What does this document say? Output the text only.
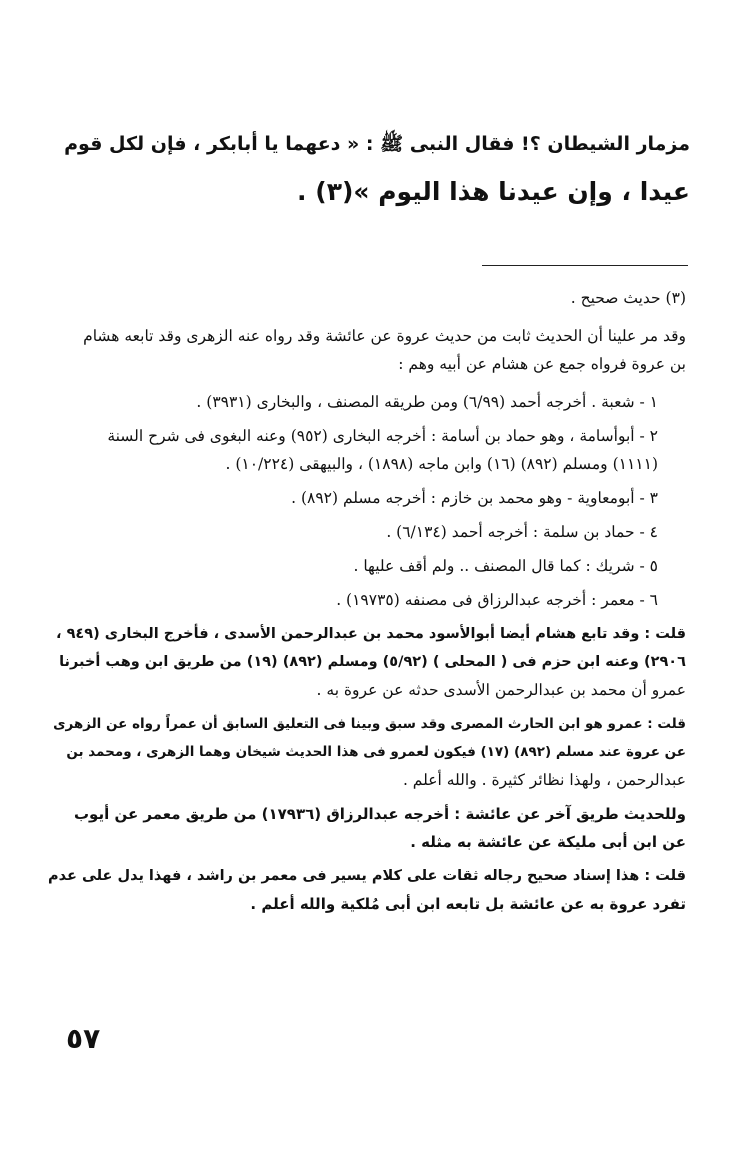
مزمار الشيطان ؟! فقال النبى ﷺ : « دعهما يا أبابكر ، فإن لكل قوم
عيدا ، وإن عيدنا هذا اليوم »(٣) .
(٣) حديث صحيح .
وقد مر علينا أن الحديث ثابت من حديث عروة عن عائشة وقد رواه عنه الزهرى وقد تابعه هشام
بن عروة فرواه جمع عن هشام عن أبيه وهم :
١ - شعبة . أخرجه أحمد (٦/٩٩) ومن طريقه المصنف ، والبخارى (٣٩٣١) .
٢ - أبوأسامة ، وهو حماد بن أسامة : أخرجه البخارى (٩٥٢) وعنه البغوى فى شرح السنة
(١١١١) ومسلم (٨٩٢) (١٦) وابن ماجه (١٨٩٨) ، والبيهقى (١٠/٢٢٤) .
٣ - أبومعاوية - وهو محمد بن خازم : أخرجه مسلم (٨٩٢) .
٤ - حماد بن سلمة : أخرجه أحمد (٦/١٣٤) .
٥ - شريك : كما قال المصنف .. ولم أقف عليها .
٦ - معمر : أخرجه عبدالرزاق فى مصنفه (١٩٧٣٥) .
قلت : وقد تابع هشام أيضا أبوالأسود محمد بن عبدالرحمن الأسدى ، فأخرج البخارى (٩٤٩ ،
٢٩٠٦) وعنه ابن حزم فى ( المحلى ) (٥/٩٢) ومسلم (٨٩٢) (١٩) من طريق ابن وهب أخبرنا
عمرو أن محمد بن عبدالرحمن الأسدى حدثه عن عروة به .
قلت : عمرو هو ابن الحارث المصرى وقد سبق وبينا فى التعليق السابق أن عمراً رواه عن الزهرى
عن عروة عند مسلم (٨٩٢) (١٧) فيكون لعمرو فى هذا الحديث شيخان وهما الزهرى ، ومحمد بن
عبدالرحمن ، ولهذا نظائر كثيرة . والله أعلم .
وللحديث طريق آخر عن عائشة : أخرجه عبدالرزاق (١٧٩٣٦) من طريق معمر عن أيوب
عن ابن أبى مليكة عن عائشة به مثله .
قلت : هذا إسناد صحيح رجاله ثقات على كلام يسير فى معمر بن راشد ، فهذا يدل على عدم
تفرد عروة به عن عائشة بل تابعه ابن أبى مُلكية والله أعلم .
٥٧
